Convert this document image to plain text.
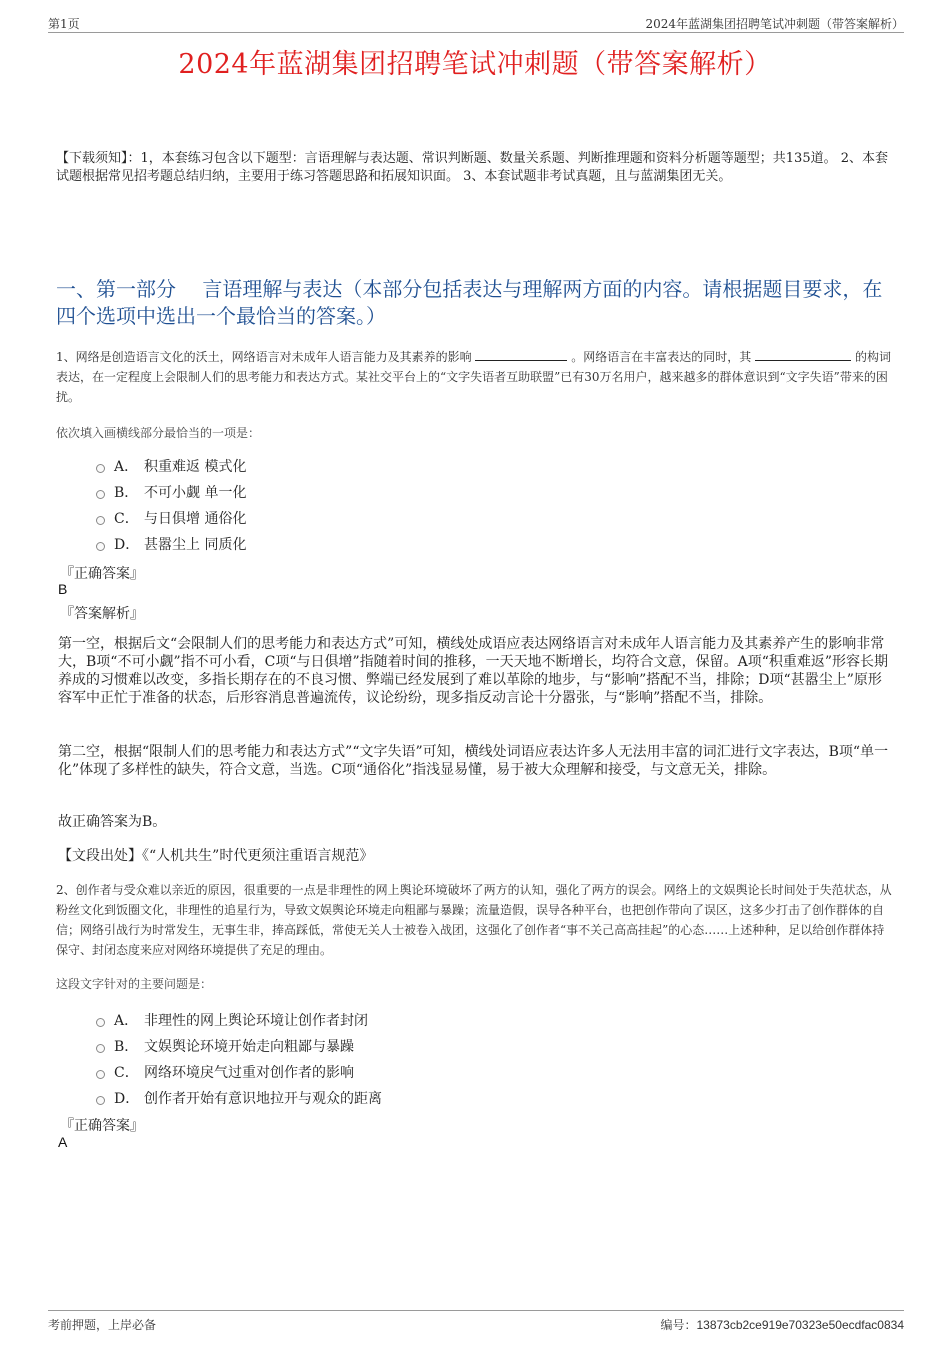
第1页	2024年蓝湖集团招聘笔试冲刺题（带答案解析）
2024年蓝湖集团招聘笔试冲刺题（带答案解析）
【下载须知】：1，本套练习包含以下题型：言语理解与表达题、常识判断题、数量关系题、判断推理题和资料分析题等题型；共135道。 2、本套试题根据常见招考题总结归纳，主要用于练习答题思路和拓展知识面。 3、本套试题非考试真题，且与蓝湖集团无关。
一、第一部分　 言语理解与表达（本部分包括表达与理解两方面的内容。请根据题目要求，在四个选项中选出一个最恰当的答案。）
1、网络是创造语言文化的沃土，网络语言对未成年人语言能力及其素养的影响	。网络语言在丰富表达的同时，其	的构词表达，在一定程度上会限制人们的思考能力和表达方式。某社交平台上的“文字失语者互助联盟”已有30万名用户，越来越多的群体意识到“文字失语”带来的困扰。
依次填入画横线部分最恰当的一项是：
A． 积重难返 模式化
B． 不可小觑 单一化
C． 与日俱增 通俗化
D． 甚嚣尘上 同质化
『正确答案』
B
『答案解析』
第一空，根据后文“会限制人们的思考能力和表达方式”可知，横线处成语应表达网络语言对未成年人语言能力及其素养产生的影响非常大，B项“不可小觑”指不可小看，C项“与日俱增”指随着时间的推移，一天天地不断增长，均符合文意，保留。A项“积重难返”形容长期养成的习惯难以改变，多指长期存在的不良习惯、弊端已经发展到了难以革除的地步，与“影响”搭配不当，排除；D项“甚嚣尘上”原形容军中正忙于准备的状态，后形容消息普遍流传，议论纷纷，现多指反动言论十分嚣张，与“影响”搭配不当，排除。
第二空，根据“限制人们的思考能力和表达方式”“文字失语”可知，横线处词语应表达许多人无法用丰富的词汇进行文字表达，B项“单一化”体现了多样性的缺失，符合文意，当选。C项“通俗化”指浅显易懂，易于被大众理解和接受，与文意无关，排除。
故正确答案为B。
【文段出处】《“人机共生”时代更须注重语言规范》
2、创作者与受众难以亲近的原因，很重要的一点是非理性的网上舆论环境破坏了两方的认知，强化了两方的误会。网络上的文娱舆论长时间处于失范状态，从粉丝文化到饭圈文化，非理性的追星行为，导致文娱舆论环境走向粗鄙与暴躁；流量造假，误导各种平台，也把创作带向了误区，这多少打击了创作群体的自信；网络引战行为时常发生，无事生非，捧高踩低，常使无关人士被卷入战团，这强化了创作者“事不关己高高挂起”的心态……上述种种，足以给创作群体持保守、封闭态度来应对网络环境提供了充足的理由。
这段文字针对的主要问题是：
A． 非理性的网上舆论环境让创作者封闭
B． 文娱舆论环境开始走向粗鄙与暴躁
C． 网络环境戾气过重对创作者的影响
D． 创作者开始有意识地拉开与观众的距离
『正确答案』
A
考前押题，上岸必备	编号：13873cb2ce919e70323e50ecdfac0834
